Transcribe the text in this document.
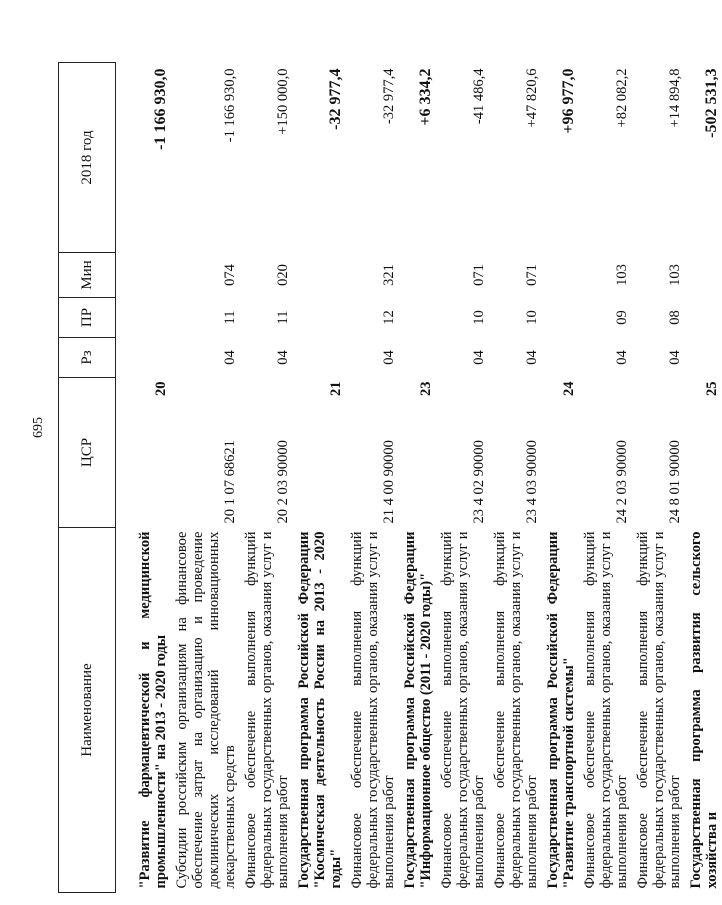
695
Наименование	ЦСР	Рз	ПР	Мин	2018 год
"Развитие фармацевтической и медицинской промышленности" на 2013 - 2020 годы	20				-1 166 930,0
Субсидии российским организациям на финансовое обеспечение затрат на организацию и проведение доклинических исследований инновационных лекарственных средств	20 1 07 68621	04	11	074	-1 166 930,0
Финансовое обеспечение выполнения функций федеральных государственных органов, оказания услуг и выполнения работ	20 2 03 90000	04	11	020	+150 000,0
Государственная программа Российской Федерации "Космическая деятельность России на 2013 - 2020 годы"	21				-32 977,4
Финансовое обеспечение выполнения функций федеральных государственных органов, оказания услуг и выполнения работ	21 4 00 90000	04	12	321	-32 977,4
Государственная программа Российской Федерации "Информационное общество (2011 - 2020 годы)"	23				+6 334,2
Финансовое обеспечение выполнения функций федеральных государственных органов, оказания услуг и выполнения работ	23 4 02 90000	04	10	071	-41 486,4
Финансовое обеспечение выполнения функций федеральных государственных органов, оказания услуг и выполнения работ	23 4 03 90000	04	10	071	+47 820,6
Государственная программа Российской Федерации "Развитие транспортной системы"	24				+96 977,0
Финансовое обеспечение выполнения функций федеральных государственных органов, оказания услуг и выполнения работ	24 2 03 90000	04	09	103	+82 082,2
Финансовое обеспечение выполнения функций федеральных государственных органов, оказания услуг и выполнения работ	24 8 01 90000	04	08	103	+14 894,8
Государственная программа развития сельского хозяйства и	25				-502 531,3
